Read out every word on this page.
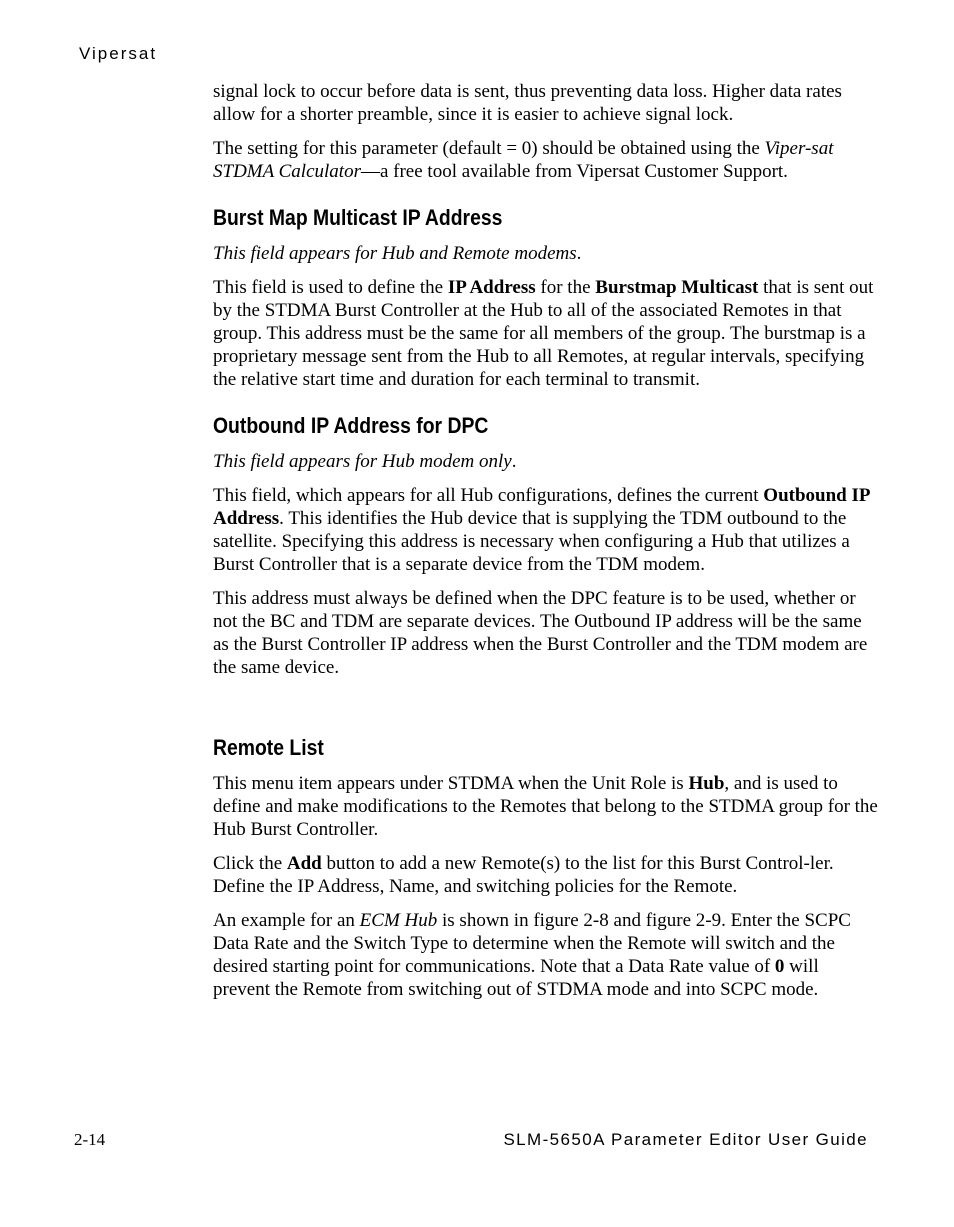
Vipersat

signal lock to occur before data is sent, thus preventing data loss. Higher data rates allow for a shorter preamble, since it is easier to achieve signal lock.

The setting for this parameter (default = 0) should be obtained using the Viper-sat STDMA Calculator—a free tool available from Vipersat Customer Support.

Burst Map Multicast IP Address

This field appears for Hub and Remote modems.

This field is used to define the IP Address for the Burstmap Multicast that is sent out by the STDMA Burst Controller at the Hub to all of the associated Remotes in that group. This address must be the same for all members of the group. The burstmap is a proprietary message sent from the Hub to all Remotes, at regular intervals, specifying the relative start time and duration for each terminal to transmit.

Outbound IP Address for DPC

This field appears for Hub modem only.

This field, which appears for all Hub configurations, defines the current Outbound IP Address. This identifies the Hub device that is supplying the TDM outbound to the satellite. Specifying this address is necessary when configuring a Hub that utilizes a Burst Controller that is a separate device from the TDM modem.

This address must always be defined when the DPC feature is to be used, whether or not the BC and TDM are separate devices. The Outbound IP address will be the same as the Burst Controller IP address when the Burst Controller and the TDM modem are the same device.

Remote List

This menu item appears under STDMA when the Unit Role is Hub, and is used to define and make modifications to the Remotes that belong to the STDMA group for the Hub Burst Controller.

Click the Add button to add a new Remote(s) to the list for this Burst Control-ler. Define the IP Address, Name, and switching policies for the Remote.

An example for an ECM Hub is shown in figure 2-8 and figure 2-9. Enter the SCPC Data Rate and the Switch Type to determine when the Remote will switch and the desired starting point for communications. Note that a Data Rate value of 0 will prevent the Remote from switching out of STDMA mode and into SCPC mode.

2-14	SLM-5650A Parameter Editor User Guide
